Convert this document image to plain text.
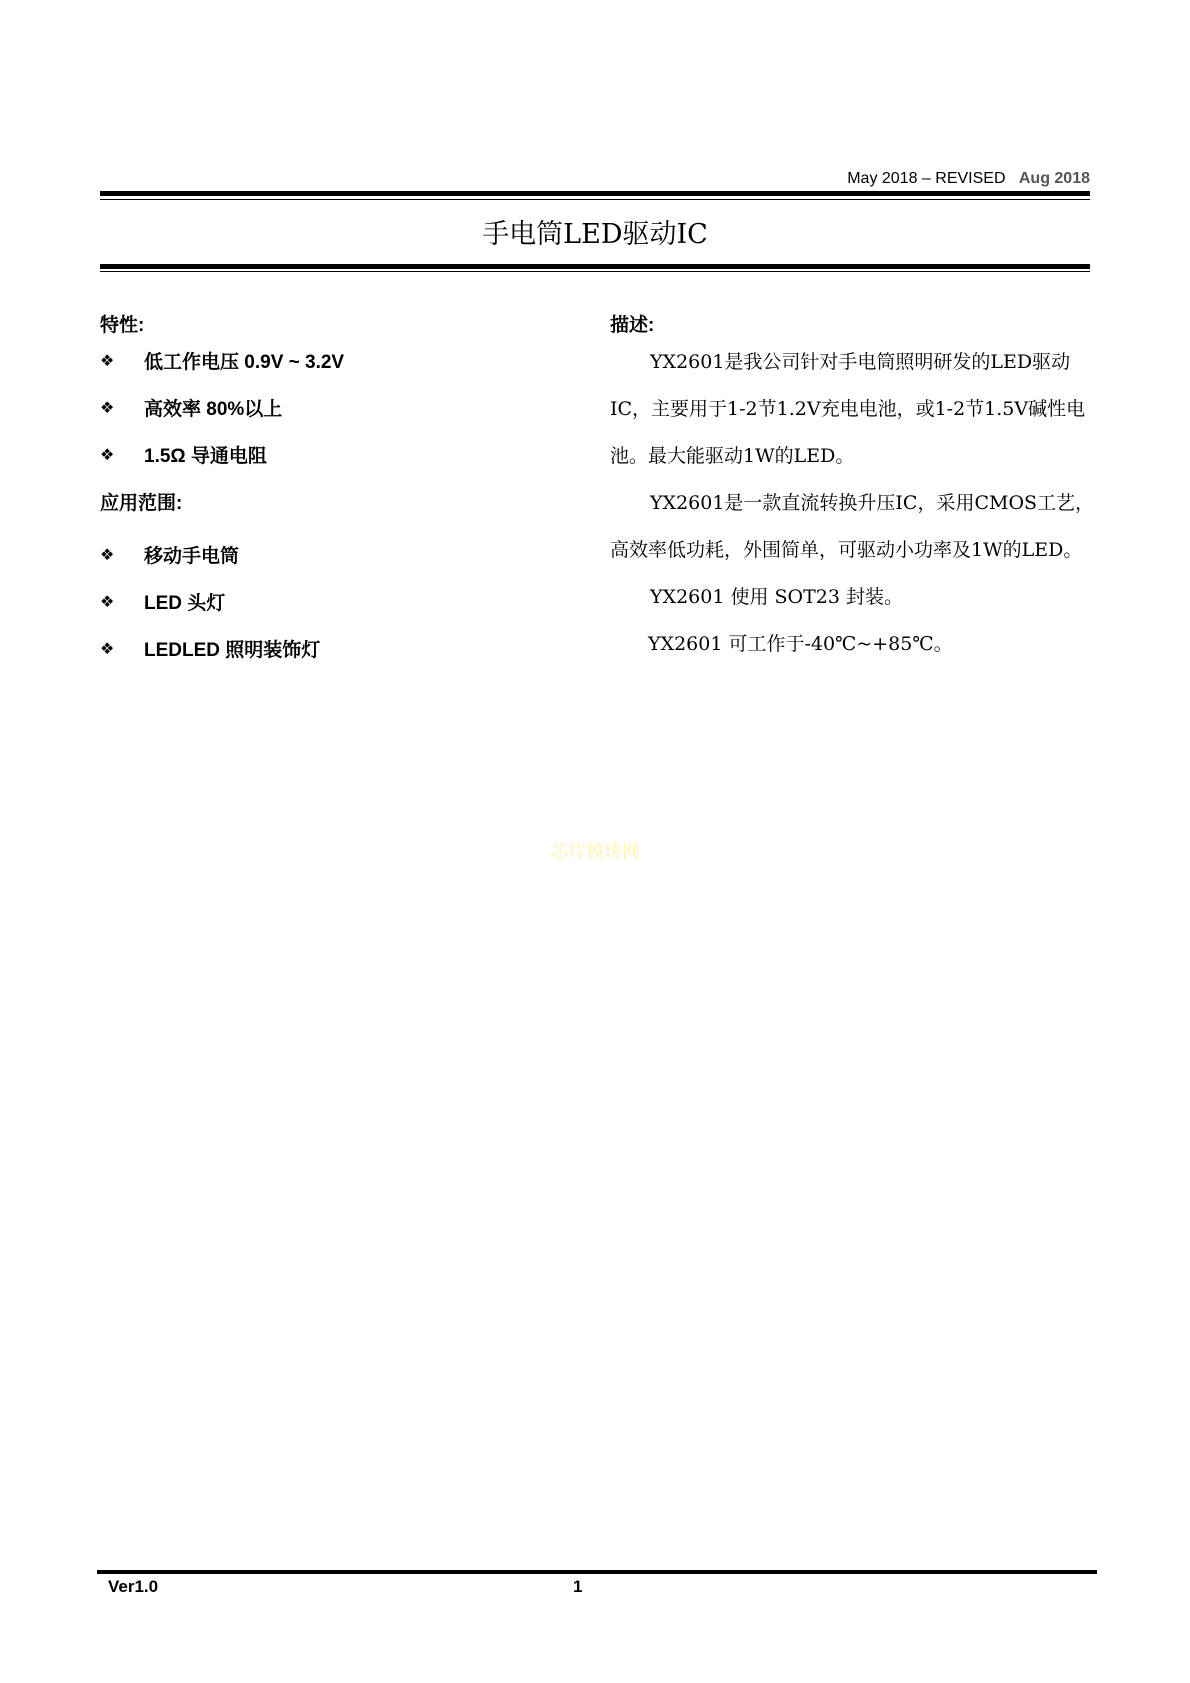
May 2018 – REVISED Aug 2018
手电筒LED驱动IC
特性:
❖	低工作电压 0.9V ~ 3.2V
❖	高效率 80%以上
❖	1.5Ω 导通电阻
应用范围:
❖	移动手电筒
❖	LED 头灯
❖	LEDLED 照明装饰灯
描述:
YX2601是我公司针对手电筒照明研发的LED驱动
IC，主要用于1-2节1.2V充电电池，或1-2节1.5V碱性电
池。最大能驱动1W的LED。
YX2601是一款直流转换升压IC，采用CMOS工艺，
高效率低功耗，外围简单，可驱动小功率及1W的LED。
YX2601 使用 SOT23 封装。
YX2601 可工作于-40℃~+85℃。
芯片模块网
Ver1.0	1
